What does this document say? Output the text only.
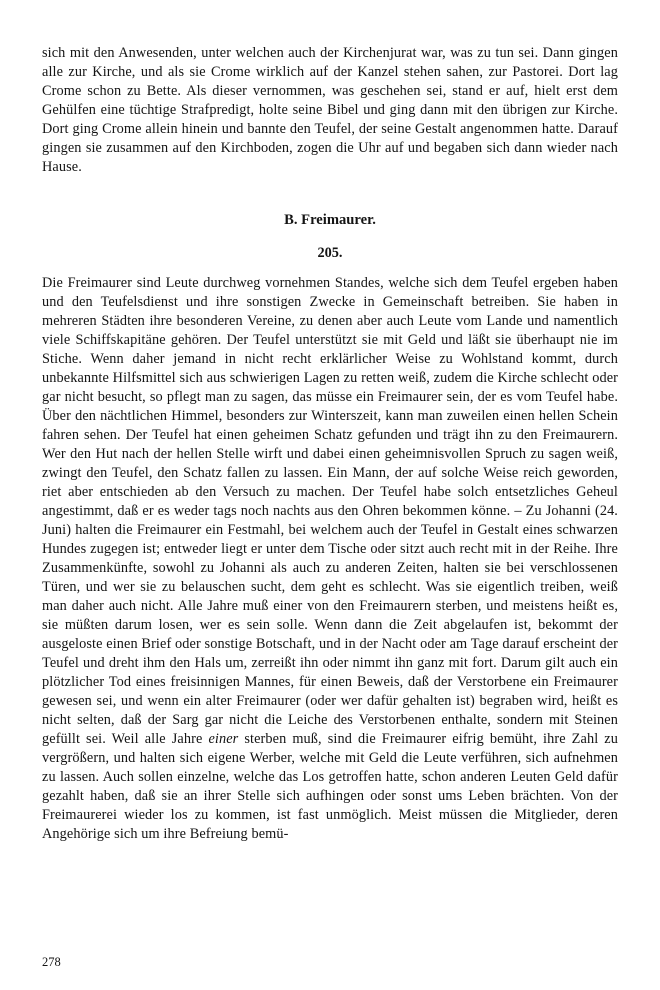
sich mit den Anwesenden, unter welchen auch der Kirchenjurat war, was zu tun sei. Dann gingen alle zur Kirche, und als sie Crome wirklich auf der Kanzel stehen sahen, zur Pastorei. Dort lag Crome schon zu Bette. Als dieser vernommen, was geschehen sei, stand er auf, hielt erst dem Gehülfen eine tüchtige Strafpredigt, holte seine Bibel und ging dann mit den übrigen zur Kirche. Dort ging Crome allein hinein und bannte den Teufel, der seine Gestalt angenommen hatte. Darauf gingen sie zusammen auf den Kirchboden, zogen die Uhr auf und begaben sich dann wieder nach Hause.

B. Freimaurer.
205.

Die Freimaurer sind Leute durchweg vornehmen Standes, welche sich dem Teufel ergeben haben und den Teufelsdienst und ihre sonstigen Zwecke in Gemeinschaft betreiben. Sie haben in mehreren Städten ihre besonderen Vereine, zu denen aber auch Leute vom Lande und namentlich viele Schiffskapitäne gehören. Der Teufel unterstützt sie mit Geld und läßt sie überhaupt nie im Stiche. Wenn daher jemand in nicht recht erklärlicher Weise zu Wohlstand kommt, durch unbekannte Hilfsmittel sich aus schwierigen Lagen zu retten weiß, zudem die Kirche schlecht oder gar nicht besucht, so pflegt man zu sagen, das müsse ein Freimaurer sein, der es vom Teufel habe. Über den nächtlichen Himmel, besonders zur Winterszeit, kann man zuweilen einen hellen Schein fahren sehen. Der Teufel hat einen geheimen Schatz gefunden und trägt ihn zu den Freimaurern. Wer den Hut nach der hellen Stelle wirft und dabei einen geheimnisvollen Spruch zu sagen weiß, zwingt den Teufel, den Schatz fallen zu lassen. Ein Mann, der auf solche Weise reich geworden, riet aber entschieden ab den Versuch zu machen. Der Teufel habe solch entsetzliches Geheul angestimmt, daß er es weder tags noch nachts aus den Ohren bekommen könne. – Zu Johanni (24. Juni) halten die Freimaurer ein Festmahl, bei welchem auch der Teufel in Gestalt eines schwarzen Hundes zugegen ist; entweder liegt er unter dem Tische oder sitzt auch recht mit in der Reihe. Ihre Zusammenkünfte, sowohl zu Johanni als auch zu anderen Zeiten, halten sie bei verschlossenen Türen, und wer sie zu belauschen sucht, dem geht es schlecht. Was sie eigentlich treiben, weiß man daher auch nicht. Alle Jahre muß einer von den Freimaurern sterben, und meistens heißt es, sie müßten darum losen, wer es sein solle. Wenn dann die Zeit abgelaufen ist, bekommt der ausgeloste einen Brief oder sonstige Botschaft, und in der Nacht oder am Tage darauf erscheint der Teufel und dreht ihm den Hals um, zerreißt ihn oder nimmt ihn ganz mit fort. Darum gilt auch ein plötzlicher Tod eines freisinnigen Mannes, für einen Beweis, daß der Verstorbene ein Freimaurer gewesen sei, und wenn ein alter Freimaurer (oder wer dafür gehalten ist) begraben wird, heißt es nicht selten, daß der Sarg gar nicht die Leiche des Verstorbenen enthalte, sondern mit Steinen gefüllt sei. Weil alle Jahre einer sterben muß, sind die Freimaurer eifrig bemüht, ihre Zahl zu vergrößern, und halten sich eigene Werber, welche mit Geld die Leute verführen, sich aufnehmen zu lassen. Auch sollen einzelne, welche das Los getroffen hatte, schon anderen Leuten Geld dafür gezahlt haben, daß sie an ihrer Stelle sich aufhingen oder sonst ums Leben brächten. Von der Freimaurerei wieder los zu kommen, ist fast unmöglich. Meist müssen die Mitglieder, deren Angehörige sich um ihre Befreiung bemü-

278
